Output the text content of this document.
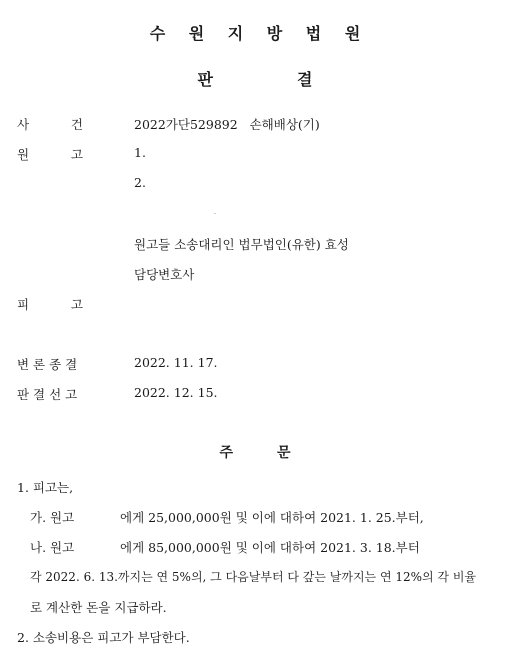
수 원 지 방 법 원
판	결
사	건	2022가단529892   손해배상(기)
원	고	1.
2.
원고들 소송대리인 법무법인(유한) 효성
담당변호사
피	고
변 론 종 결	2022. 11. 17.
판 결 선 고	2022. 12. 15.
주	문
1. 피고는,
가. 원고	에게 25,000,000원 및 이에 대하여 2021. 1. 25.부터,
나. 원고	에게 85,000,000원 및 이에 대하여 2021. 3. 18.부터
각 2022. 6. 13.까지는 연 5%의, 그 다음날부터 다 갚는 날까지는 연 12%의 각 비율
로 계산한 돈을 지급하라.
2. 소송비용은 피고가 부담한다.
